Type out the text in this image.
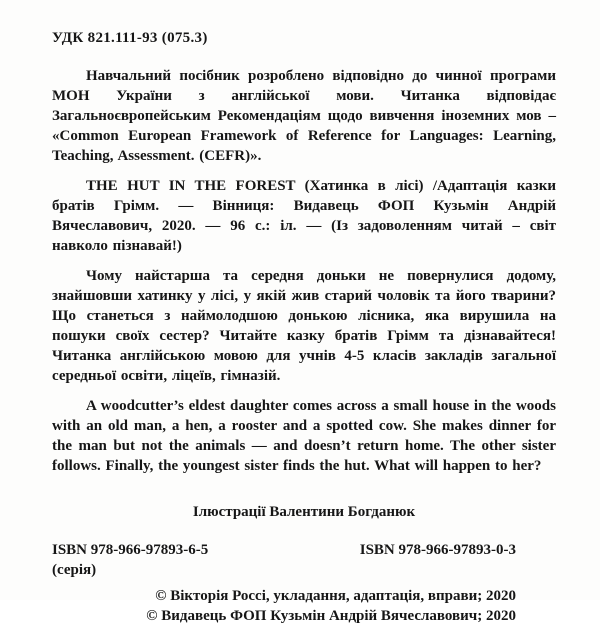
УДК 821.111-93 (075.3)

Навчальний посібник розроблено відповідно до чинної програми МОН України з англійської мови. Читанка відповідає Загальноєвропейським Рекомендаціям щодо вивчення іноземних мов – «Common European Framework of Reference for Languages: Learning, Teaching, Assessment. (CEFR)».

THE HUT IN THE FOREST (Хатинка в лісі) /Адаптація казки братів Грімм. — Вінниця: Видавець ФОП Кузьмін Андрій Вячеславович, 2020. — 96 с.: іл. — (Із задоволенням читай – світ навколо пізнавай!)

Чому найстарша та середня доньки не повернулися додому, знайшовши хатинку у лісі, у якій жив старий чоловік та його тварини? Що станеться з наймолодшою донькою лісника, яка вирушила на пошуки своїх сестер? Читайте казку братів Грімм та дізнавайтеся! Читанка англійською мовою для учнів 4-5 класів закладів загальної середньої освіти, ліцеїв, гімназій.

A woodcutter’s eldest daughter comes across a small house in the woods with an old man, a hen, a rooster and a spotted cow. She makes dinner for the man but not the animals — and doesn’t return home. The other sister follows. Finally, the youngest sister finds the hut. What will happen to her?

Ілюстрації Валентини Богданюк
ISBN 978-966-97893-6-5
(серія)
ISBN 978-966-97893-0-3
© Вікторія Россі, укладання, адаптація, вправи; 2020
© Видавець ФОП Кузьмін Андрій Вячеславович; 2020
